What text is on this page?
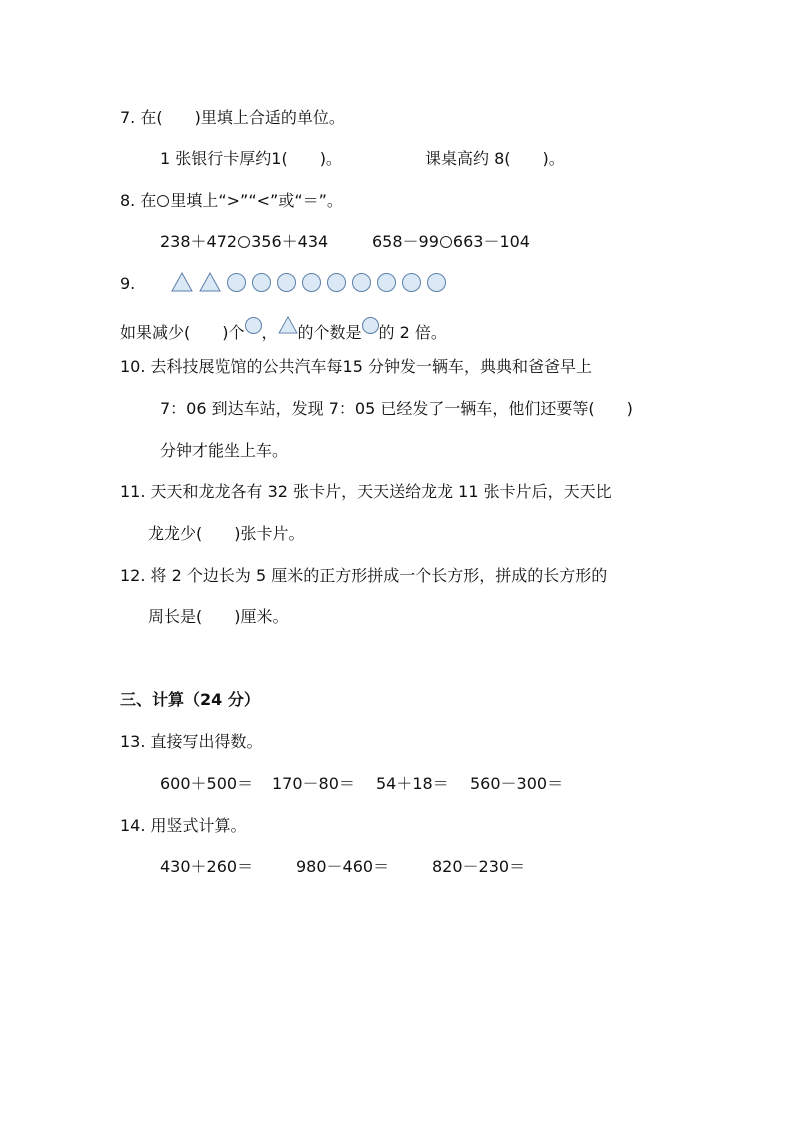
7. 在(　　)里填上合适的单位。
1 张银行卡厚约1(　　)。	课桌高约 8(　　)。
8. 在 里填上“>”“<”或“＝”。
238＋472 356＋434	658－99 663－104
9.
如果减少(　　)个 ， 的个数是 的 2 倍。
10. 去科技展览馆的公共汽车每15 分钟发一辆车，典典和爸爸早上
7：06 到达车站，发现 7：05 已经发了一辆车，他们还要等(　　)
分钟才能坐上车。
11. 天天和龙龙各有 32 张卡片，天天送给龙龙 11 张卡片后，天天比
龙龙少(　　)张卡片。
12. 将 2 个边长为 5 厘米的正方形拼成一个长方形，拼成的长方形的
周长是(　　)厘米。
三、计算（24 分）
13. 直接写出得数。
600＋500＝ 170－80＝ 54＋18＝ 560－300＝
14. 用竖式计算。
430＋260＝	980－460＝	820－230＝
